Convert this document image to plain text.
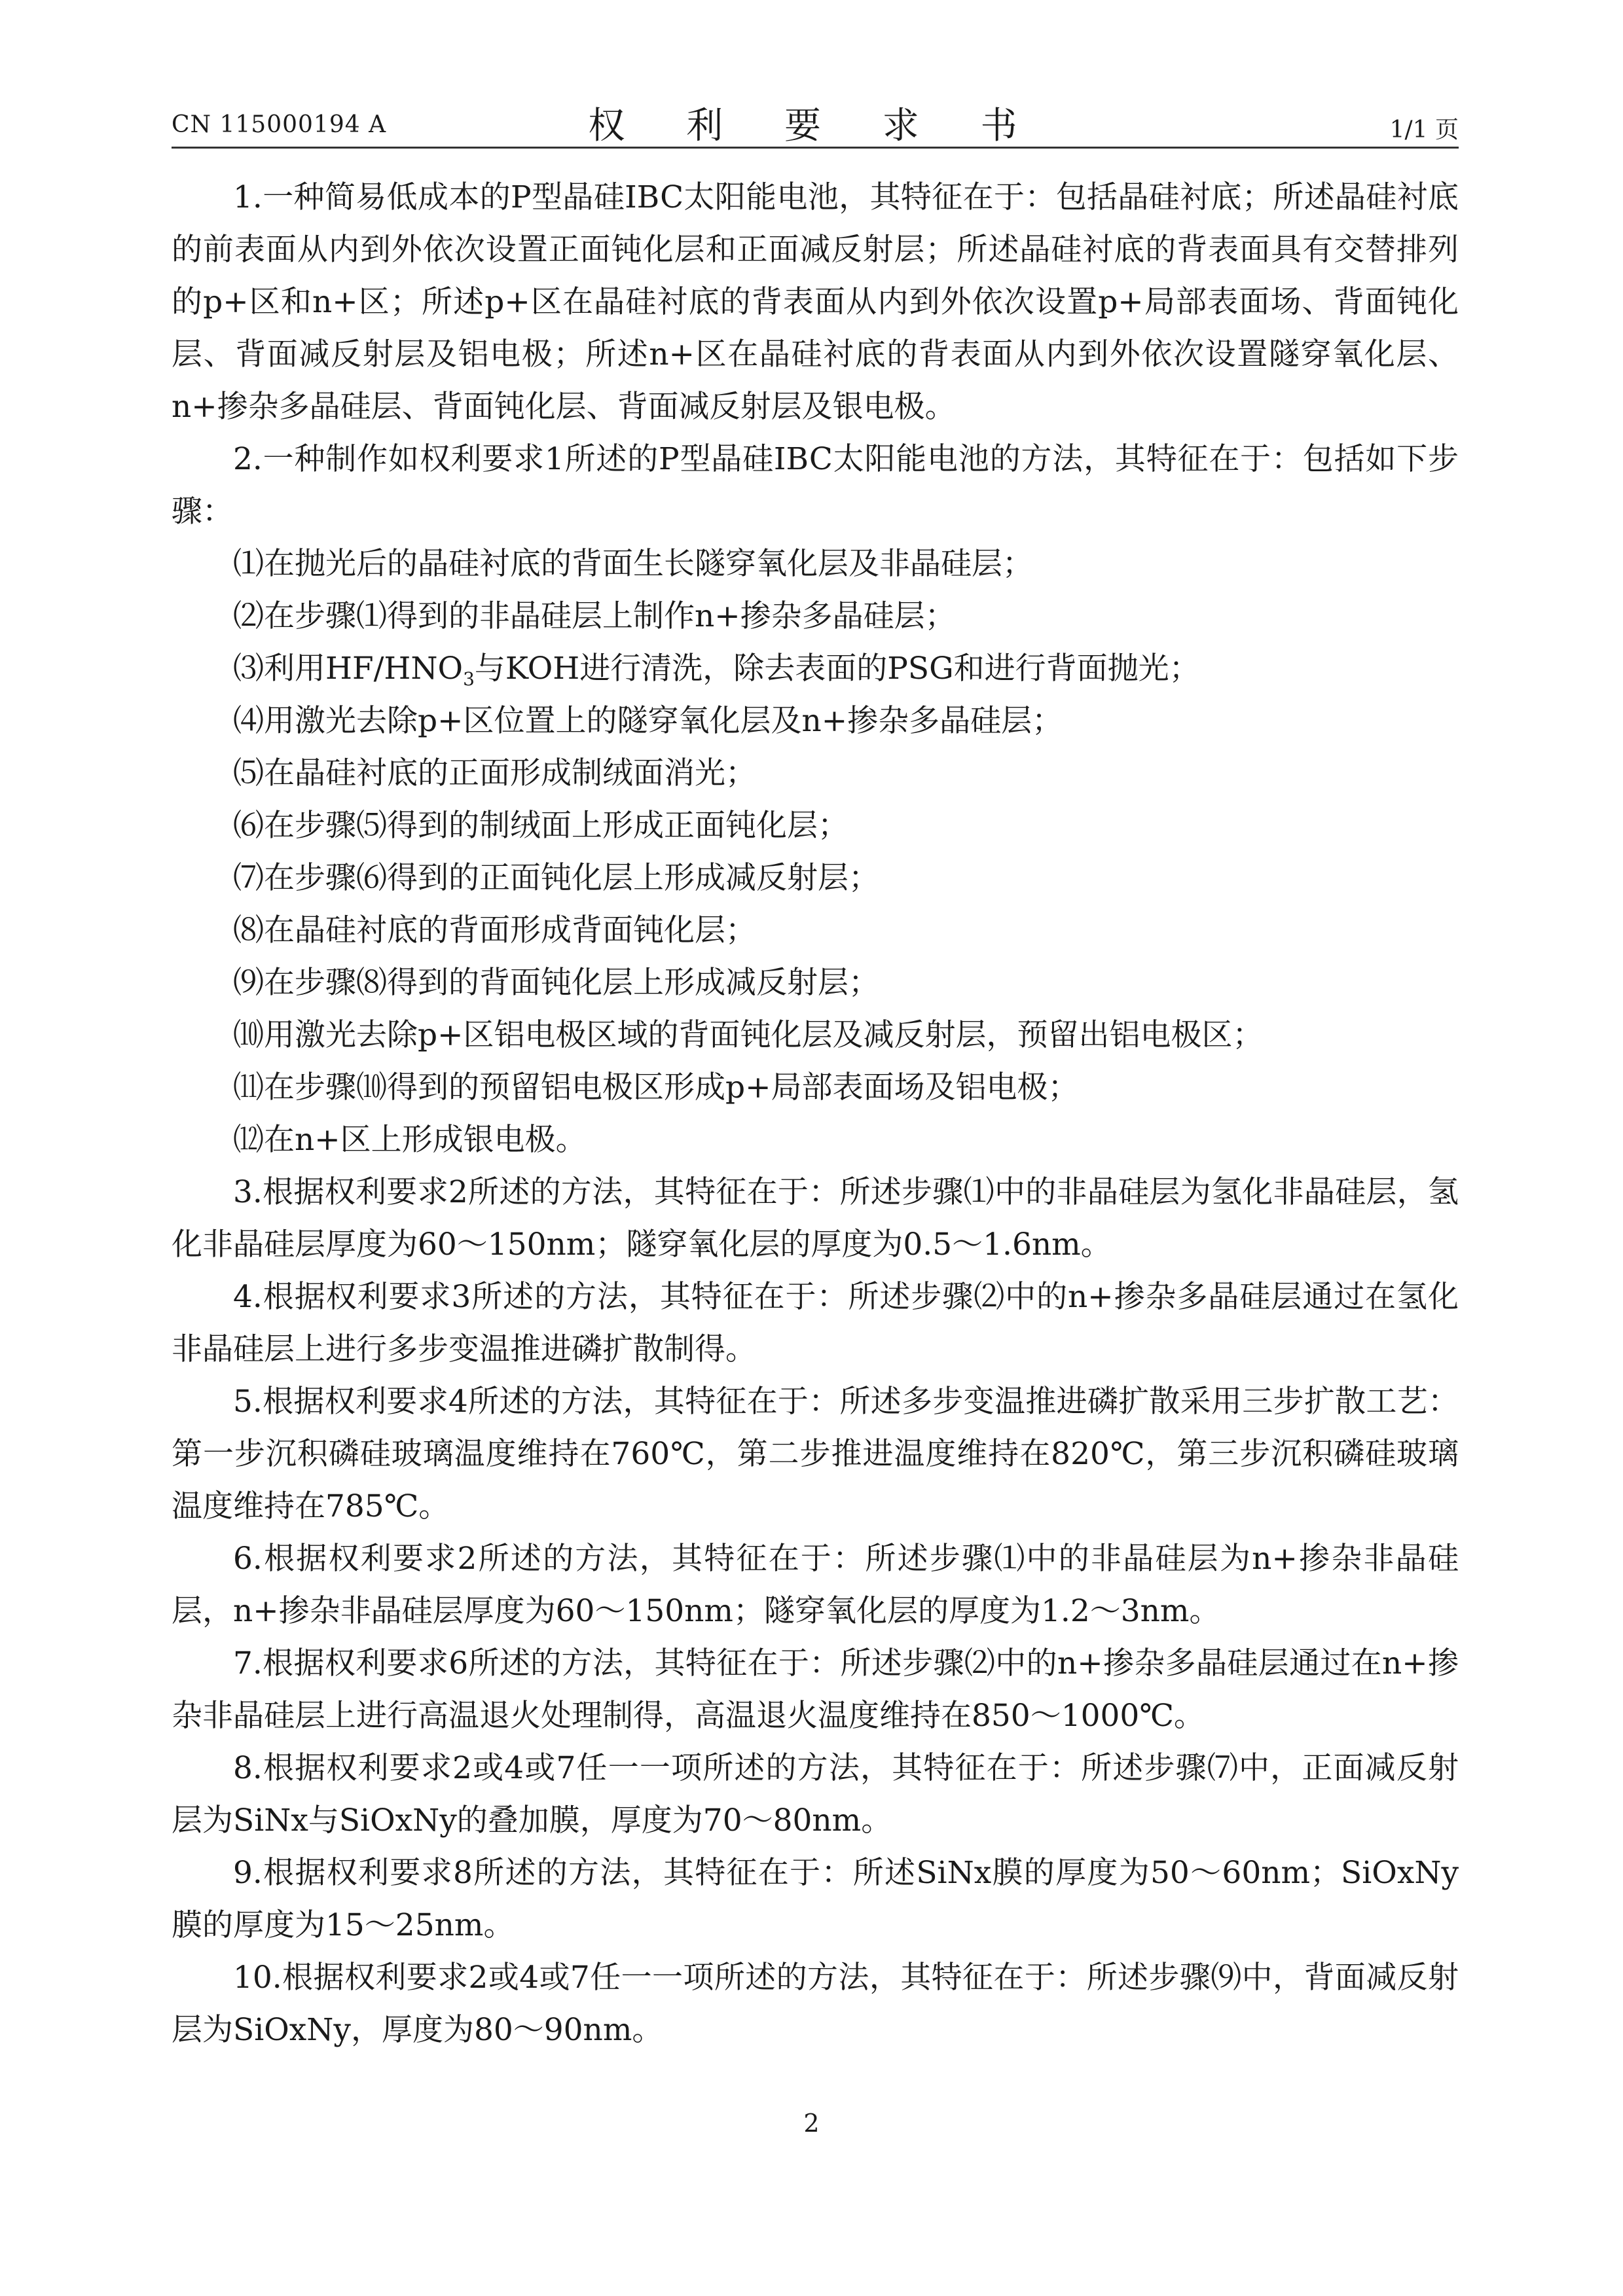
CN 115000194 A	权 利 要 求 书	1/1 页

1.一种简易低成本的P型晶硅IBC太阳能电池，其特征在于：包括晶硅衬底；所述晶硅衬底的前表面从内到外依次设置正面钝化层和正面减反射层；所述晶硅衬底的背表面具有交替排列的p+区和n+区；所述p+区在晶硅衬底的背表面从内到外依次设置p+局部表面场、背面钝化层、背面减反射层及铝电极；所述n+区在晶硅衬底的背表面从内到外依次设置隧穿氧化层、n+掺杂多晶硅层、背面钝化层、背面减反射层及银电极。

2.一种制作如权利要求1所述的P型晶硅IBC太阳能电池的方法，其特征在于：包括如下步骤：

⑴在抛光后的晶硅衬底的背面生长隧穿氧化层及非晶硅层；

⑵在步骤⑴得到的非晶硅层上制作n+掺杂多晶硅层；

⑶利用$HF/HNO_3$与KOH进行清洗，除去表面的PSG和进行背面抛光；

⑷用激光去除p+区位置上的隧穿氧化层及n+掺杂多晶硅层；

⑸在晶硅衬底的正面形成制绒面消光；

⑹在步骤⑸得到的制绒面上形成正面钝化层；

⑺在步骤⑹得到的正面钝化层上形成减反射层；

⑻在晶硅衬底的背面形成背面钝化层；

⑼在步骤⑻得到的背面钝化层上形成减反射层；

⑽用激光去除p+区铝电极区域的背面钝化层及减反射层，预留出铝电极区；

⑾在步骤⑽得到的预留铝电极区形成p+局部表面场及铝电极；

⑿在n+区上形成银电极。

3.根据权利要求2所述的方法，其特征在于：所述步骤⑴中的非晶硅层为氢化非晶硅层，氢化非晶硅层厚度为60～150nm；隧穿氧化层的厚度为0.5～1.6nm。

4.根据权利要求3所述的方法，其特征在于：所述步骤⑵中的n+掺杂多晶硅层通过在氢化非晶硅层上进行多步变温推进磷扩散制得。

5.根据权利要求4所述的方法，其特征在于：所述多步变温推进磷扩散采用三步扩散工艺：第一步沉积磷硅玻璃温度维持在760℃，第二步推进温度维持在820℃，第三步沉积磷硅玻璃温度维持在785℃。

6.根据权利要求2所述的方法，其特征在于：所述步骤⑴中的非晶硅层为n+掺杂非晶硅层，n+掺杂非晶硅层厚度为60～150nm；隧穿氧化层的厚度为1.2～3nm。

7.根据权利要求6所述的方法，其特征在于：所述步骤⑵中的n+掺杂多晶硅层通过在n+掺杂非晶硅层上进行高温退火处理制得，高温退火温度维持在850～1000℃。

8.根据权利要求2或4或7任一一项所述的方法，其特征在于：所述步骤⑺中，正面减反射层为SiNx与SiOxNy的叠加膜，厚度为70～80nm。

9.根据权利要求8所述的方法，其特征在于：所述SiNx膜的厚度为50～60nm；SiOxNy膜的厚度为15～25nm。

10.根据权利要求2或4或7任一一项所述的方法，其特征在于：所述步骤⑼中，背面减反射层为SiOxNy，厚度为80～90nm。

2
